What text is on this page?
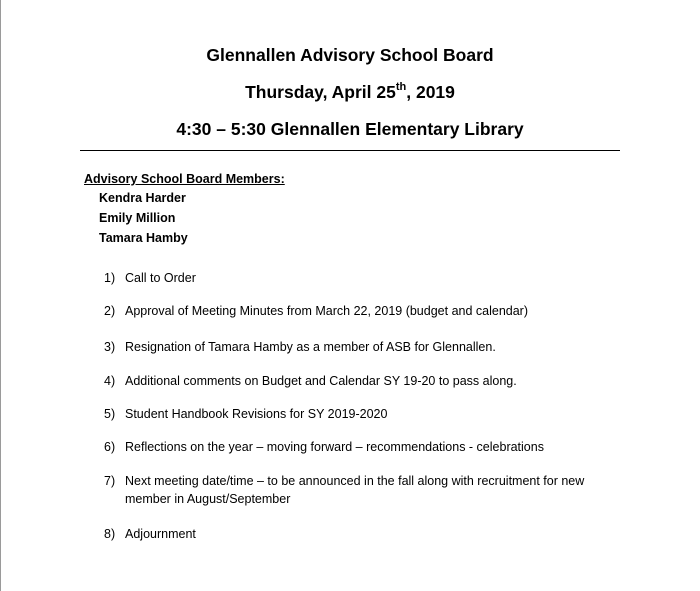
Glennallen Advisory School Board
Thursday, April 25th, 2019
4:30 – 5:30 Glennallen Elementary Library
Advisory School Board Members:
Kendra Harder
Emily Million
Tamara Hamby
1) Call to Order
2) Approval of Meeting Minutes from March 22, 2019 (budget and calendar)
3) Resignation of Tamara Hamby as a member of ASB for Glennallen.
4) Additional comments on Budget and Calendar SY 19-20 to pass along.
5) Student Handbook Revisions for SY 2019-2020
6) Reflections on the year – moving forward – recommendations - celebrations
7) Next meeting date/time – to be announced in the fall along with recruitment for new member in August/September
8) Adjournment
